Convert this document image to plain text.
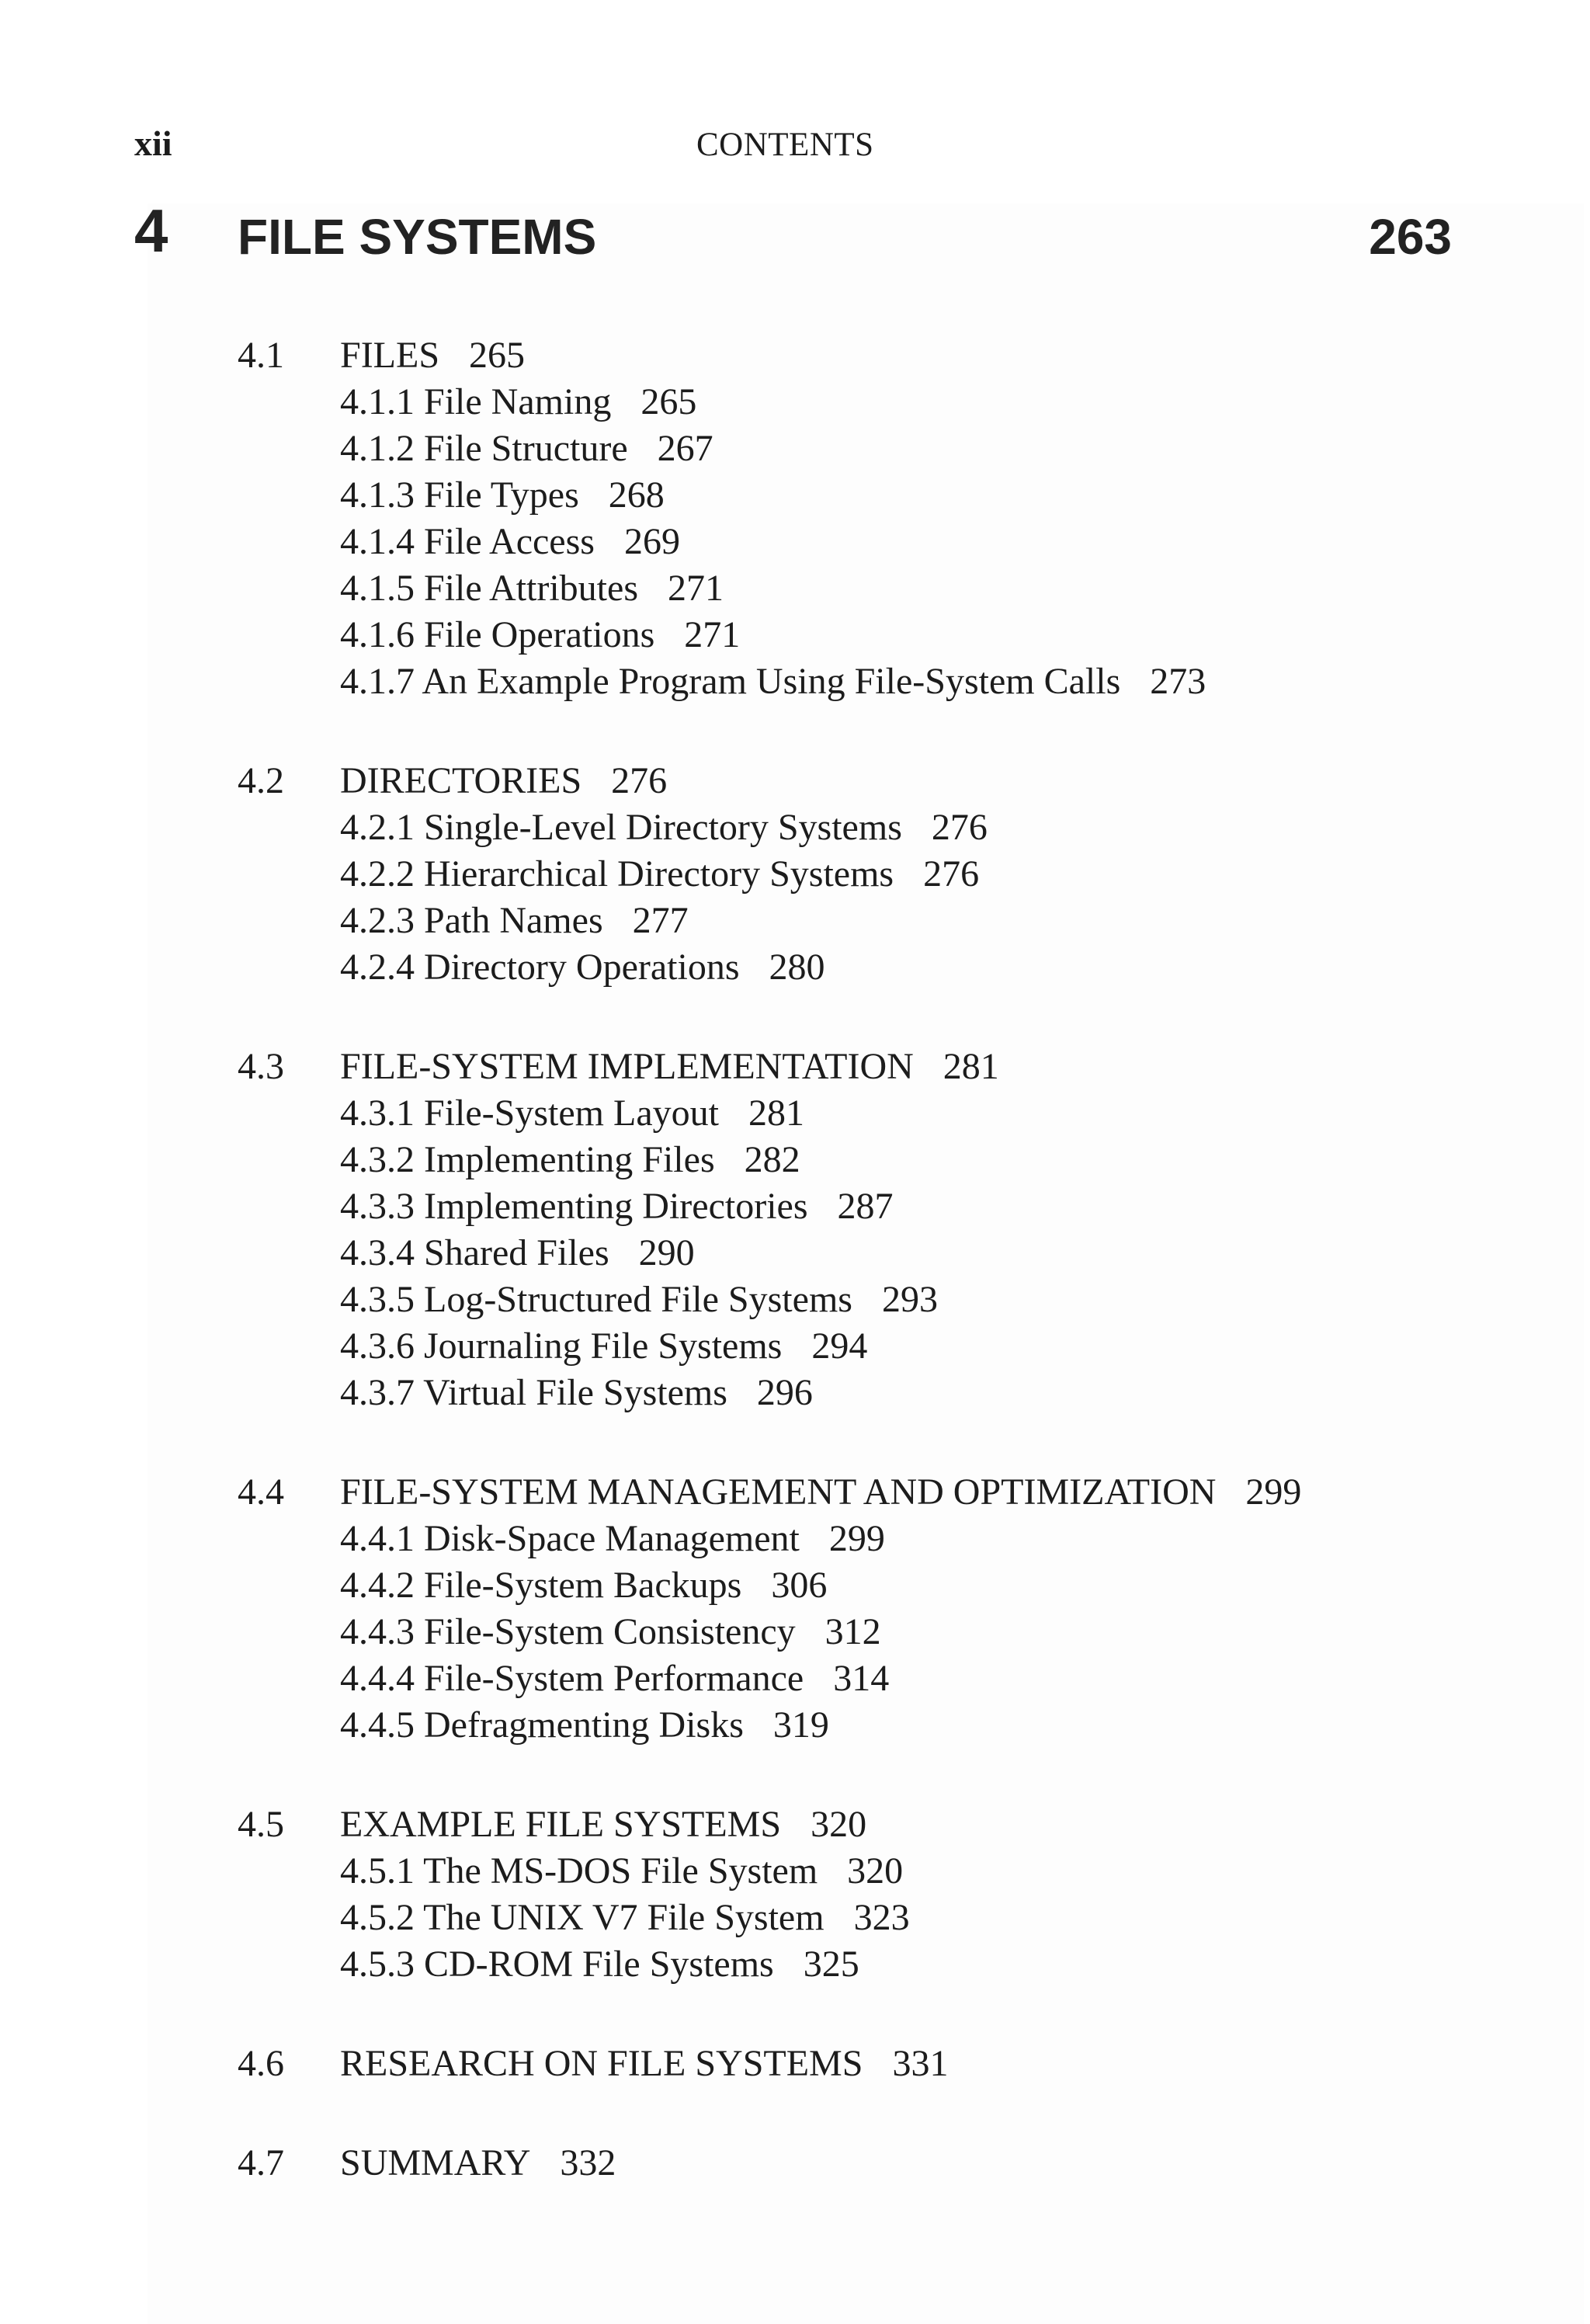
xii	CONTENTS
4 FILE SYSTEMS	263
4.1 FILES 265
4.1.1 File Naming 265
4.1.2 File Structure 267
4.1.3 File Types 268
4.1.4 File Access 269
4.1.5 File Attributes 271
4.1.6 File Operations 271
4.1.7 An Example Program Using File-System Calls 273
4.2 DIRECTORIES 276
4.2.1 Single-Level Directory Systems 276
4.2.2 Hierarchical Directory Systems 276
4.2.3 Path Names 277
4.2.4 Directory Operations 280
4.3 FILE-SYSTEM IMPLEMENTATION 281
4.3.1 File-System Layout 281
4.3.2 Implementing Files 282
4.3.3 Implementing Directories 287
4.3.4 Shared Files 290
4.3.5 Log-Structured File Systems 293
4.3.6 Journaling File Systems 294
4.3.7 Virtual File Systems 296
4.4 FILE-SYSTEM MANAGEMENT AND OPTIMIZATION 299
4.4.1 Disk-Space Management 299
4.4.2 File-System Backups 306
4.4.3 File-System Consistency 312
4.4.4 File-System Performance 314
4.4.5 Defragmenting Disks 319
4.5 EXAMPLE FILE SYSTEMS 320
4.5.1 The MS-DOS File System 320
4.5.2 The UNIX V7 File System 323
4.5.3 CD-ROM File Systems 325
4.6 RESEARCH ON FILE SYSTEMS 331
4.7 SUMMARY 332
